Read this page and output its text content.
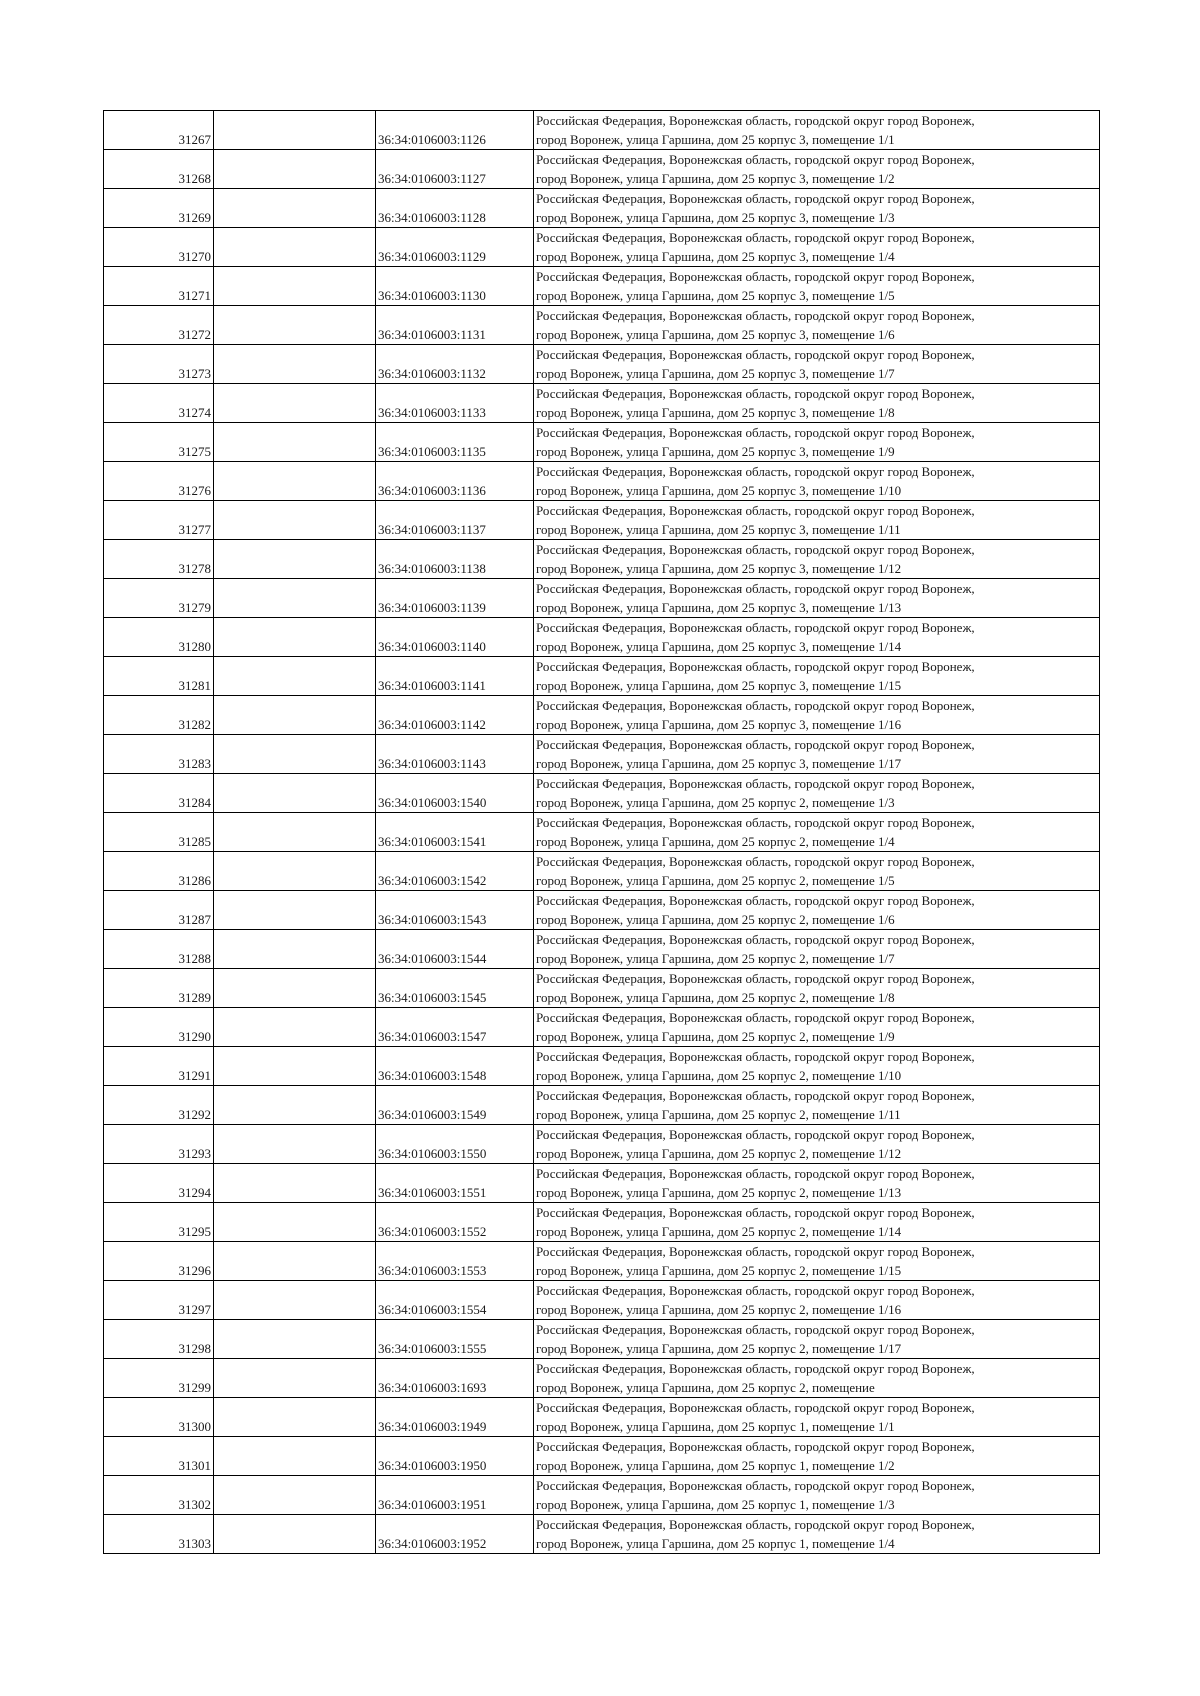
31267		36:34:0106003:1126	Российская Федерация, Воронежская область, городской округ город Воронеж,
город Воронеж, улица Гаршина, дом 25 корпус 3, помещение 1/1
31268		36:34:0106003:1127	Российская Федерация, Воронежская область, городской округ город Воронеж,
город Воронеж, улица Гаршина, дом 25 корпус 3, помещение 1/2
31269		36:34:0106003:1128	Российская Федерация, Воронежская область, городской округ город Воронеж,
город Воронеж, улица Гаршина, дом 25 корпус 3, помещение 1/3
31270		36:34:0106003:1129	Российская Федерация, Воронежская область, городской округ город Воронеж,
город Воронеж, улица Гаршина, дом 25 корпус 3, помещение 1/4
31271		36:34:0106003:1130	Российская Федерация, Воронежская область, городской округ город Воронеж,
город Воронеж, улица Гаршина, дом 25 корпус 3, помещение 1/5
31272		36:34:0106003:1131	Российская Федерация, Воронежская область, городской округ город Воронеж,
город Воронеж, улица Гаршина, дом 25 корпус 3, помещение 1/6
31273		36:34:0106003:1132	Российская Федерация, Воронежская область, городской округ город Воронеж,
город Воронеж, улица Гаршина, дом 25 корпус 3, помещение 1/7
31274		36:34:0106003:1133	Российская Федерация, Воронежская область, городской округ город Воронеж,
город Воронеж, улица Гаршина, дом 25 корпус 3, помещение 1/8
31275		36:34:0106003:1135	Российская Федерация, Воронежская область, городской округ город Воронеж,
город Воронеж, улица Гаршина, дом 25 корпус 3, помещение 1/9
31276		36:34:0106003:1136	Российская Федерация, Воронежская область, городской округ город Воронеж,
город Воронеж, улица Гаршина, дом 25 корпус 3, помещение 1/10
31277		36:34:0106003:1137	Российская Федерация, Воронежская область, городской округ город Воронеж,
город Воронеж, улица Гаршина, дом 25 корпус 3, помещение 1/11
31278		36:34:0106003:1138	Российская Федерация, Воронежская область, городской округ город Воронеж,
город Воронеж, улица Гаршина, дом 25 корпус 3, помещение 1/12
31279		36:34:0106003:1139	Российская Федерация, Воронежская область, городской округ город Воронеж,
город Воронеж, улица Гаршина, дом 25 корпус 3, помещение 1/13
31280		36:34:0106003:1140	Российская Федерация, Воронежская область, городской округ город Воронеж,
город Воронеж, улица Гаршина, дом 25 корпус 3, помещение 1/14
31281		36:34:0106003:1141	Российская Федерация, Воронежская область, городской округ город Воронеж,
город Воронеж, улица Гаршина, дом 25 корпус 3, помещение 1/15
31282		36:34:0106003:1142	Российская Федерация, Воронежская область, городской округ город Воронеж,
город Воронеж, улица Гаршина, дом 25 корпус 3, помещение 1/16
31283		36:34:0106003:1143	Российская Федерация, Воронежская область, городской округ город Воронеж,
город Воронеж, улица Гаршина, дом 25 корпус 3, помещение 1/17
31284		36:34:0106003:1540	Российская Федерация, Воронежская область, городской округ город Воронеж,
город Воронеж, улица Гаршина, дом 25 корпус 2, помещение 1/3
31285		36:34:0106003:1541	Российская Федерация, Воронежская область, городской округ город Воронеж,
город Воронеж, улица Гаршина, дом 25 корпус 2, помещение 1/4
31286		36:34:0106003:1542	Российская Федерация, Воронежская область, городской округ город Воронеж,
город Воронеж, улица Гаршина, дом 25 корпус 2, помещение 1/5
31287		36:34:0106003:1543	Российская Федерация, Воронежская область, городской округ город Воронеж,
город Воронеж, улица Гаршина, дом 25 корпус 2, помещение 1/6
31288		36:34:0106003:1544	Российская Федерация, Воронежская область, городской округ город Воронеж,
город Воронеж, улица Гаршина, дом 25 корпус 2, помещение 1/7
31289		36:34:0106003:1545	Российская Федерация, Воронежская область, городской округ город Воронеж,
город Воронеж, улица Гаршина, дом 25 корпус 2, помещение 1/8
31290		36:34:0106003:1547	Российская Федерация, Воронежская область, городской округ город Воронеж,
город Воронеж, улица Гаршина, дом 25 корпус 2, помещение 1/9
31291		36:34:0106003:1548	Российская Федерация, Воронежская область, городской округ город Воронеж,
город Воронеж, улица Гаршина, дом 25 корпус 2, помещение 1/10
31292		36:34:0106003:1549	Российская Федерация, Воронежская область, городской округ город Воронеж,
город Воронеж, улица Гаршина, дом 25 корпус 2, помещение 1/11
31293		36:34:0106003:1550	Российская Федерация, Воронежская область, городской округ город Воронеж,
город Воронеж, улица Гаршина, дом 25 корпус 2, помещение 1/12
31294		36:34:0106003:1551	Российская Федерация, Воронежская область, городской округ город Воронеж,
город Воронеж, улица Гаршина, дом 25 корпус 2, помещение 1/13
31295		36:34:0106003:1552	Российская Федерация, Воронежская область, городской округ город Воронеж,
город Воронеж, улица Гаршина, дом 25 корпус 2, помещение 1/14
31296		36:34:0106003:1553	Российская Федерация, Воронежская область, городской округ город Воронеж,
город Воронеж, улица Гаршина, дом 25 корпус 2, помещение 1/15
31297		36:34:0106003:1554	Российская Федерация, Воронежская область, городской округ город Воронеж,
город Воронеж, улица Гаршина, дом 25 корпус 2, помещение 1/16
31298		36:34:0106003:1555	Российская Федерация, Воронежская область, городской округ город Воронеж,
город Воронеж, улица Гаршина, дом 25 корпус 2, помещение 1/17
31299		36:34:0106003:1693	Российская Федерация, Воронежская область, городской округ город Воронеж,
город Воронеж, улица Гаршина, дом 25 корпус 2, помещение
31300		36:34:0106003:1949	Российская Федерация, Воронежская область, городской округ город Воронеж,
город Воронеж, улица Гаршина, дом 25 корпус 1, помещение 1/1
31301		36:34:0106003:1950	Российская Федерация, Воронежская область, городской округ город Воронеж,
город Воронеж, улица Гаршина, дом 25 корпус 1, помещение 1/2
31302		36:34:0106003:1951	Российская Федерация, Воронежская область, городской округ город Воронеж,
город Воронеж, улица Гаршина, дом 25 корпус 1, помещение 1/3
31303		36:34:0106003:1952	Российская Федерация, Воронежская область, городской округ город Воронеж,
город Воронеж, улица Гаршина, дом 25 корпус 1, помещение 1/4
